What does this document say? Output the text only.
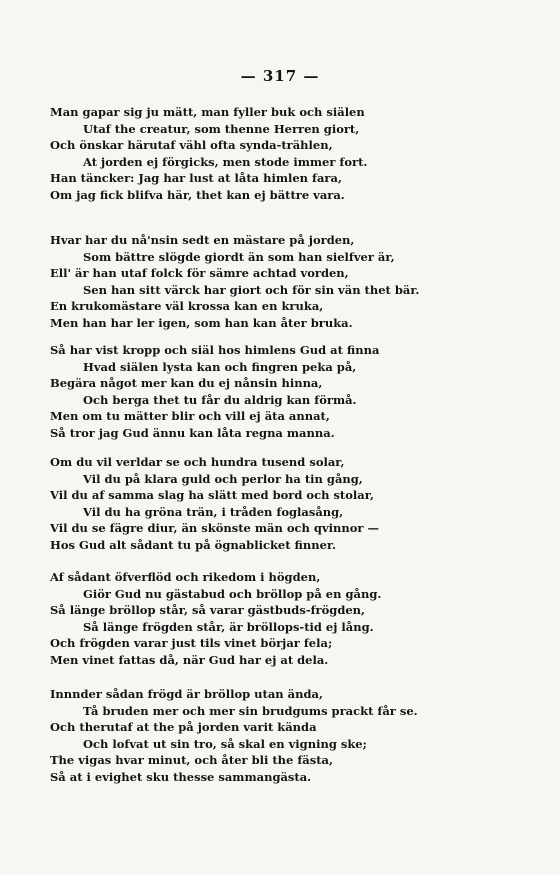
— 317 —
Man gapar sig ju mätt, man fyller buk och siälen
Utaf the creatur, som thenne Herren giort,
Och önskar härutaf vähl ofta synda-trählen,
At jorden ej förgicks, men stode immer fort.
Han täncker: Jag har lust at låta himlen fara,
Om jag fick blifva här, thet kan ej bättre vara.
Hvar har du nå'nsin sedt en mästare på jorden,
Som bättre slögde giordt än som han sielfver är,
Ell' är han utaf folck för sämre achtad vorden,
Sen han sitt värck har giort och för sin vän thet bär.
En krukomästare väl krossa kan en kruka,
Men han har ler igen, som han kan åter bruka.
Så har vist kropp och siäl hos himlens Gud at finna
Hvad siälen lysta kan och fingren peka på,
Begära något mer kan du ej nånsin hinna,
Och berga thet tu får du aldrig kan förmå.
Men om tu mätter blir och vill ej äta annat,
Så tror jag Gud ännu kan låta regna manna.
Om du vil verldar se och hundra tusend solar,
Vil du på klara guld och perlor ha tin gång,
Vil du af samma slag ha slätt med bord och stolar,
Vil du ha gröna trän, i tråden foglasång,
Vil du se fägre diur, än skönste män och qvinnor —
Hos Gud alt sådant tu på ögnablicket finner.
Af sådant öfverflöd och rikedom i högden,
Giör Gud nu gästabud och bröllop på en gång.
Så länge bröllop står, så varar gästbuds-frögden,
Så länge frögden står, är bröllops-tid ej lång.
Och frögden varar just tils vinet börjar fela;
Men vinet fattas då, när Gud har ej at dela.
Innnder sådan frögd är bröllop utan ända,
Tå bruden mer och mer sin brudgums prackt får se.
Och therutaf at the på jorden varit kända
Och lofvat ut sin tro, så skal en vigning ske;
The vigas hvar minut, och åter bli the fästa,
Så at i evighet sku thesse sammangästa.
